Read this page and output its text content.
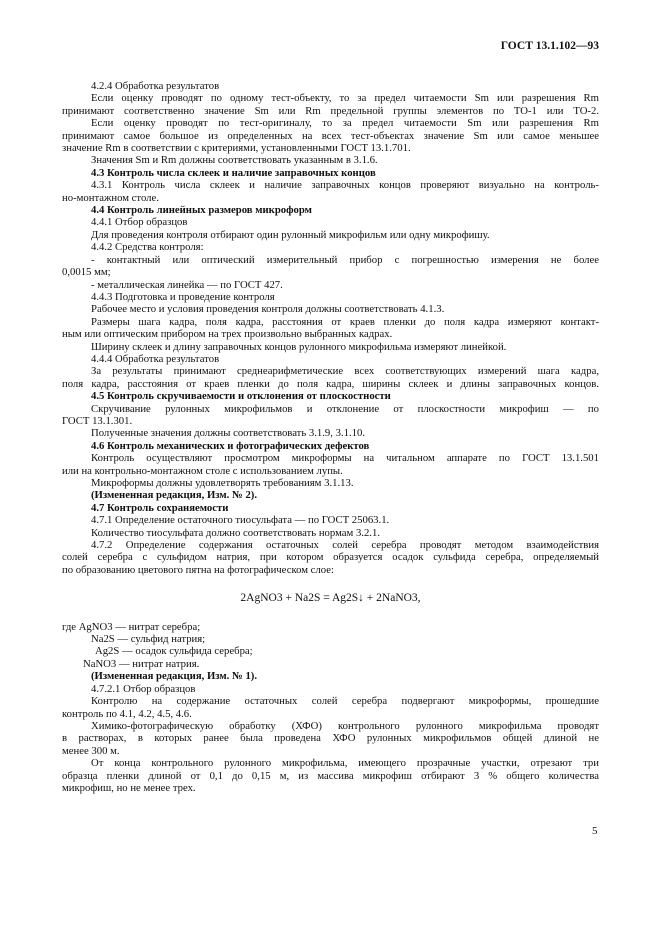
ГОСТ 13.1.102—93
4.2.4 Обработка результатов
Если оценку проводят по одному тест-объекту, то за предел читаемости Sm или разрешения Rm
принимают соответственно значение Sm или Rm предельной группы элементов по ТО-1 или ТО-2.
Если оценку проводят по тест-оригиналу, то за предел читаемости Sm или разрешения Rm
принимают самое большое из определенных на всех тест-объектах значение Sm или самое меньшее
значение Rm в соответствии с критериями, установленными ГОСТ 13.1.701.
Значения Sm и Rm должны соответствовать указанным в 3.1.6.
4.3 Контроль числа склеек и наличие заправочных концов
4.3.1 Контроль числа склеек и наличие заправочных концов проверяют визуально на контроль-
но-монтажном столе.
4.4 Контроль линейных размеров микроформ
4.4.1 Отбор образцов
Для проведения контроля отбирают один рулонный микрофильм или одну микрофишу.
4.4.2 Средства контроля:
- контактный или оптический измерительный прибор с погрешностью измерения не более
0,0015 мм;
- металлическая линейка — по ГОСТ 427.
4.4.3 Подготовка и проведение контроля
Рабочее место и условия проведения контроля должны соответствовать 4.1.3.
Размеры шага кадра, поля кадра, расстояния от краев пленки до поля кадра измеряют контакт-
ным или оптическим прибором на трех произвольно выбранных кадрах.
Ширину склеек и длину заправочных концов рулонного микрофильма измеряют линейкой.
4.4.4 Обработка результатов
За результаты принимают среднеарифметические всех соответствующих измерений шага кадра,
поля кадра, расстояния от краев пленки до поля кадра, ширины склеек и длины заправочных концов.
4.5 Контроль скручиваемости и отклонения от плоскостности
Скручивание рулонных микрофильмов и отклонение от плоскостности микрофиш — по
ГОСТ 13.1.301.
Полученные значения должны соответствовать 3.1.9, 3.1.10.
4.6 Контроль механических и фотографических дефектов
Контроль осуществляют просмотром микроформы на читальном аппарате по ГОСТ 13.1.501
или на контрольно-монтажном столе с использованием лупы.
Микроформы должны удовлетворять требованиям 3.1.13.
(Измененная редакция, Изм. № 2).
4.7 Контроль сохраняемости
4.7.1 Определение остаточного тиосульфата — по ГОСТ 25063.1.
Количество тиосульфата должно соответствовать нормам 3.2.1.
4.7.2 Определение содержания остаточных солей серебра проводят методом взаимодействия
солей серебра с сульфидом натрия, при котором образуется осадок сульфида серебра, определяемый
по образованию цветового пятна на фотографическом слое:
2AgNO3 + Na2S = Ag2S↓ + 2NaNO3,
где AgNO3 — нитрат серебра;
Na2S — сульфид натрия;
Ag2S — осадок сульфида серебра;
NaNO3 — нитрат натрия.
(Измененная редакция, Изм. № 1).
4.7.2.1 Отбор образцов
Контролю на содержание остаточных солей серебра подвергают микроформы, прошедшие
контроль по 4.1, 4.2, 4.5, 4.6.
Химико-фотографическую обработку (ХФО) контрольного рулонного микрофильма проводят
в растворах, в которых ранее была проведена ХФО рулонных микрофильмов общей длиной не
менее 300 м.
От конца контрольного рулонного микрофильма, имеющего прозрачные участки, отрезают три
образца пленки длиной от 0,1 до 0,15 м, из массива микрофиш отбирают 3 % общего количества
микрофиш, но не менее трех.
5
